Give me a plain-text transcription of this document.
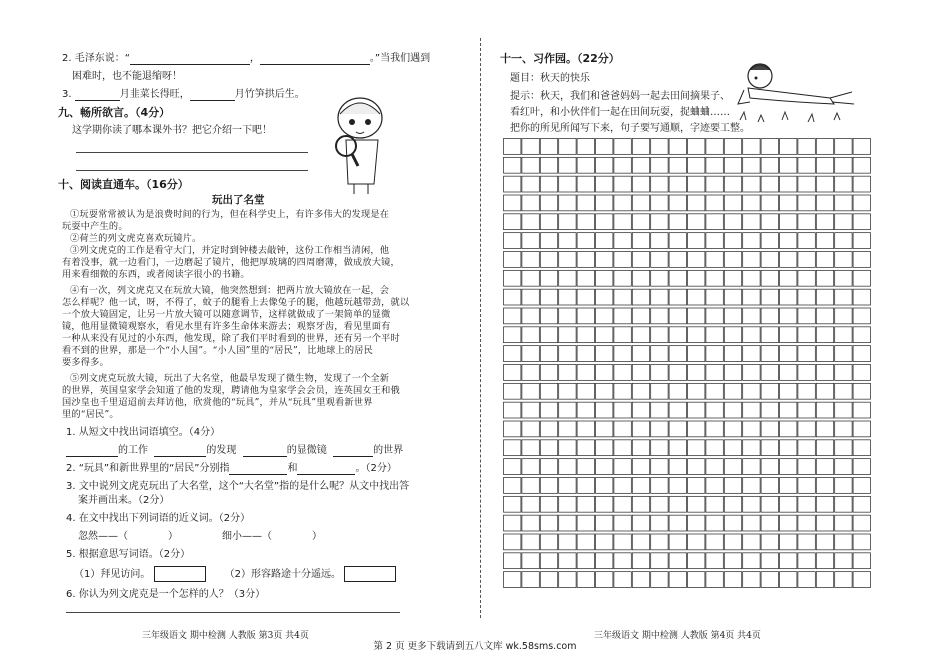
2. 毛泽东说：“	，	。”当我们遇到
困难时，也不能退缩呀！
3.	月韭菜长得旺，	月竹笋拱后生。
九、畅所欲言。（4分）
这学期你读了哪本课外书？把它介绍一下吧！
十、阅读直通车。（16分）
玩出了名堂
①玩耍常常被认为是浪费时间的行为，但在科学史上，有许多伟大的发现是在
玩耍中产生的。
②荷兰的列文虎克喜欢玩镜片。
③列文虎克的工作是看守大门，并定时到钟楼去敲钟，这份工作相当清闲，他
有着没事，就一边看门，一边磨起了镜片，他把厚玻璃的四周磨薄，做成放大镜，
用来看细微的东西，或者阅读字很小的书籍。
④有一次，列文虎克又在玩放大镜，他突然想到：把两片放大镜放在一起，会
怎么样呢？他一试，呀，不得了，蚊子的腿看上去像兔子的腿，他越玩越带劲，就以
一个放大镜固定，让另一片放大镜可以随意调节，这样就做成了一架简单的显微
镜，他用显微镜观察水，看见水里有许多生命体来游去；观察牙齿，看见里面有
一种从来没有见过的小东西，他发现，除了我们平时看到的世界，还有另一个平时
看不到的世界，那是一个“小人国”。“小人国”里的“居民”，比地球上的居民
要多得多。
⑤列文虎克玩放大镜，玩出了大名堂，他最早发现了微生物，发现了一个全新
的世界，英国皇家学会知道了他的发现，聘请他为皇家学会会员，连英国女王和俄
国沙皇也千里迢迢前去拜访他，欣赏他的“玩具”，并从“玩具”里观看新世界
里的“居民”。
1. 从短文中找出词语填空。（4分）
的工作	的发现	的显微镜	的世界
2. “玩具”和新世界里的“居民”分别指	和	。（2分）
3. 文中说列文虎克玩出了大名堂，这个“大名堂”指的是什么呢？从文中找出答
案并画出来。（2分）
4. 在文中找出下列词语的近义词。（2分）
忽然——（	）	细小——（	）
5. 根据意思写词语。（2分）
（1）拜见访问。	（2）形容路途十分遥远。
6. 你认为列文虎克是一个怎样的人？（3分）
三年级语文 期中检测 人教版 第3页 共4页
十一、习作园。（22分）
题目：秋天的快乐
提示：秋天，我们和爸爸妈妈一起去田间摘果子、
看红叶，和小伙伴们一起在田间玩耍，捉蛐蛐……
把你的所见所闻写下来，句子要写通顺，字迹要工整。
三年级语文 期中检测 人教版 第4页 共4页
第 2 页 更多下载请到五八文库 wk.58sms.com
